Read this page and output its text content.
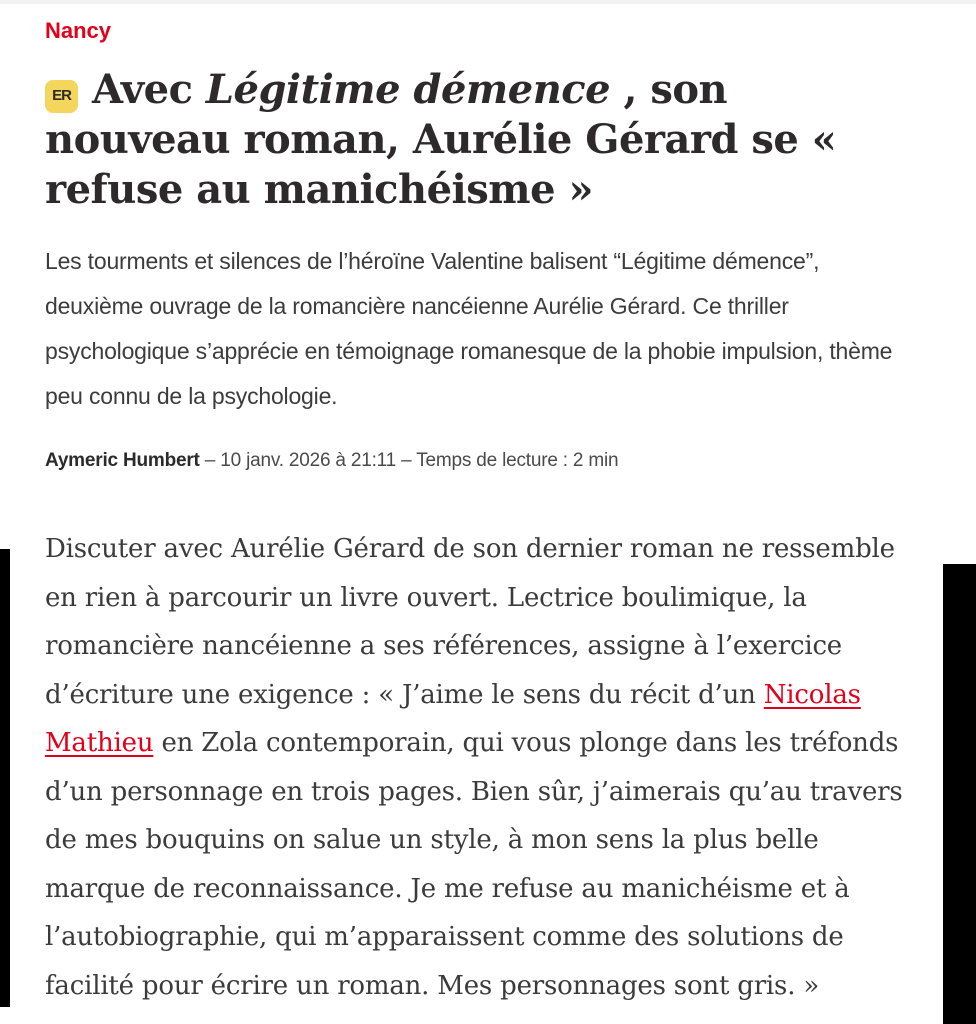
Nancy
ER Avec Légitime démence , son nouveau roman, Aurélie Gérard se « refuse au manichéisme »

Les tourments et silences de l’héroïne Valentine balisent “Légitime démence”, deuxième ouvrage de la romancière nancéienne Aurélie Gérard. Ce thriller psychologique s’apprécie en témoignage romanesque de la phobie impulsion, thème peu connu de la psychologie.

Aymeric Humbert – 10 janv. 2026 à 21:11 – Temps de lecture : 2 min

Discuter avec Aurélie Gérard de son dernier roman ne ressemble en rien à parcourir un livre ouvert. Lectrice boulimique, la romancière nancéienne a ses références, assigne à l’exercice d’écriture une exigence : « J’aime le sens du récit d’un Nicolas Mathieu en Zola contemporain, qui vous plonge dans les tréfonds d’un personnage en trois pages. Bien sûr, j’aimerais qu’au travers de mes bouquins on salue un style, à mon sens la plus belle marque de reconnaissance. Je me refuse au manichéisme et à l’autobiographie, qui m’apparaissent comme des solutions de facilité pour écrire un roman. Mes personnages sont gris. »
